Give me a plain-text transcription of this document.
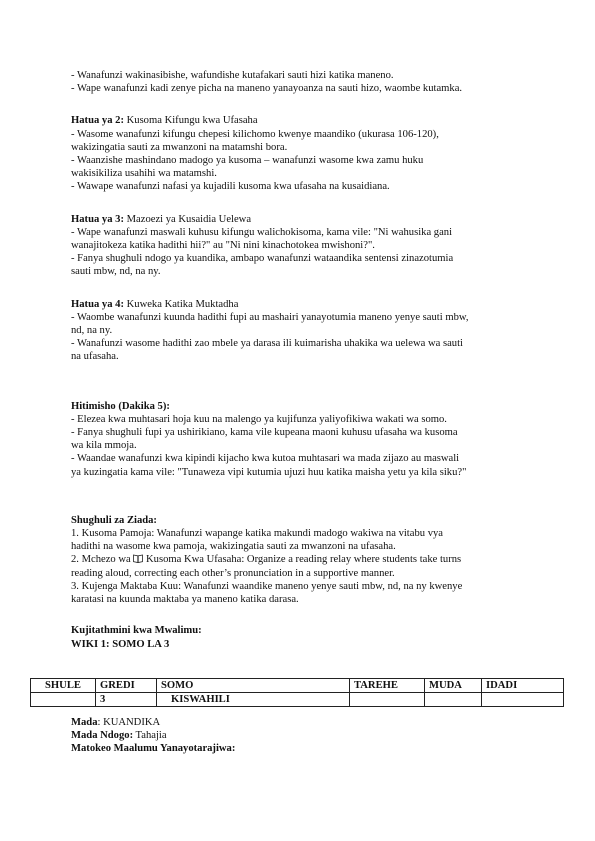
- Wanafunzi wakinasibishe, wafundishe kutafakari sauti hizi katika maneno.

- Wape wanafunzi kadi zenye picha na maneno yanayoanza na sauti hizo, waombe kutamka.

Hatua ya 2: Kusoma Kifungu kwa Ufasaha

- Wasome wanafunzi kifungu chepesi kilichomo kwenye maandiko (ukurasa 106-120),

wakizingatia sauti za mwanzoni na matamshi bora.

- Waanzishe mashindano madogo ya kusoma – wanafunzi wasome kwa zamu huku

wakisikiliza usahihi wa matamshi.

- Wawape wanafunzi nafasi ya kujadili kusoma kwa ufasaha na kusaidiana.

Hatua ya 3: Mazoezi ya Kusaidia Uelewa

- Wape wanafunzi maswali kuhusu kifungu walichokisoma, kama vile: "Ni wahusika gani

wanajitokeza katika hadithi hii?" au "Ni nini kinachotokea mwishoni?".

- Fanya shughuli ndogo ya kuandika, ambapo wanafunzi wataandika sentensi zinazotumia

sauti mbw, nd, na ny.

Hatua ya 4: Kuweka Katika Muktadha

- Waombe wanafunzi kuunda hadithi fupi au mashairi yanayotumia maneno yenye sauti mbw,

nd, na ny.

- Wanafunzi wasome hadithi zao mbele ya darasa ili kuimarisha uhakika wa uelewa wa sauti

na ufasaha.

Hitimisho (Dakika 5):

- Elezea kwa muhtasari hoja kuu na malengo ya kujifunza yaliyofikiwa wakati wa somo.

- Fanya shughuli fupi ya ushirikiano, kama vile kupeana maoni kuhusu ufasaha wa kusoma

wa kila mmoja.

- Waandae wanafunzi kwa kipindi kijacho kwa kutoa muhtasari wa mada zijazo au maswali

ya kuzingatia kama vile: "Tunaweza vipi kutumia ujuzi huu katika maisha yetu ya kila siku?"

Shughuli za Ziada:

1. Kusoma Pamoja: Wanafunzi wapange katika makundi madogo wakiwa na vitabu vya

hadithi na wasome kwa pamoja, wakizingatia sauti za mwanzoni na ufasaha.

2. Mchezo wa  Kusoma Kwa Ufasaha: Organize a reading relay where students take turns

reading aloud, correcting each other’s pronunciation in a supportive manner.

3. Kujenga Maktaba Kuu: Wanafunzi waandike maneno yenye sauti mbw, nd, na ny kwenye

karatasi na kuunda maktaba ya maneno katika darasa.

Kujitathmini kwa Mwalimu:

WIKI 1: SOMO LA 3

SHULE	GREDI	SOMO	TAREHE	MUDA	IDADI
	3	KISWAHILI			

Mada: KUANDIKA

Mada Ndogo: Tahajia

Matokeo Maalumu Yanayotarajiwa:
